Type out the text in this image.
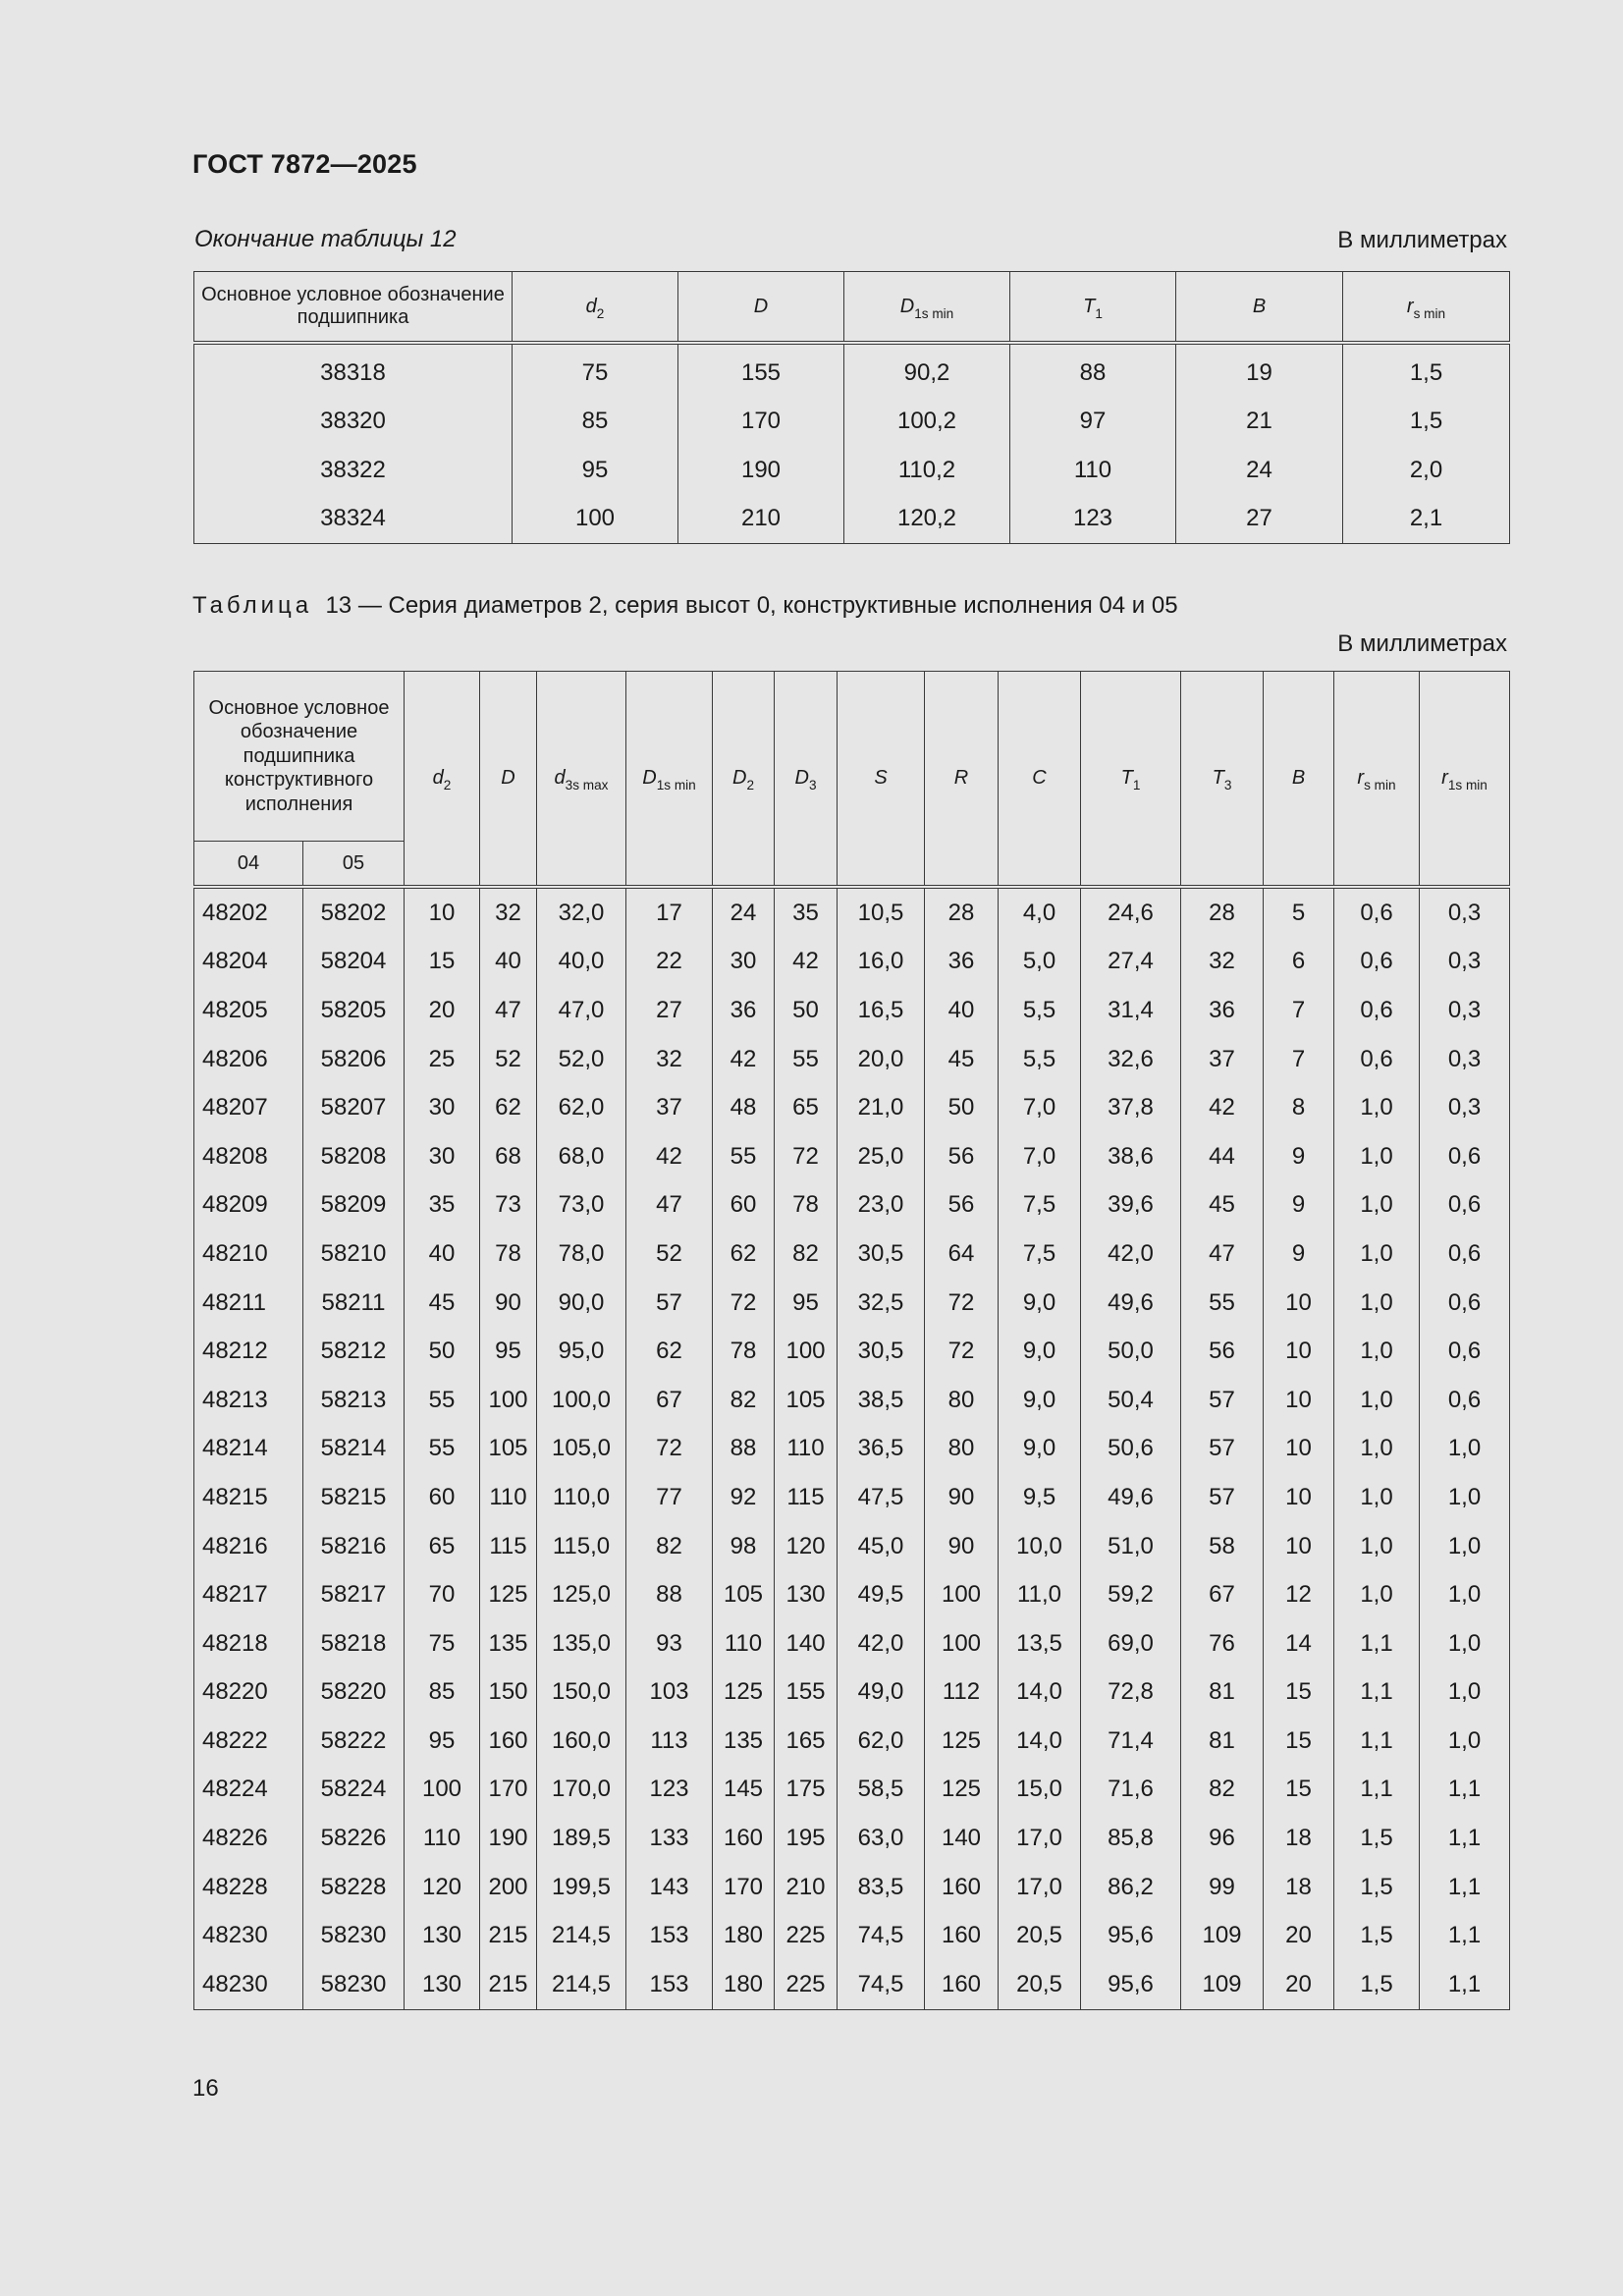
ГОСТ 7872—2025
Окончание таблицы 12	В миллиметрах
Основное условное обозначение подшипника	$d_2$	D	$D_{1s min}$	$T_1$	B	$r_{s min}$
38318	75	155	90,2	88	19	1,5
38320	85	170	100,2	97	21	1,5
38322	95	190	110,2	110	24	2,0
38324	100	210	120,2	123	27	2,1
Таблица 13 — Серия диаметров 2, серия высот 0, конструктивные исполнения 04 и 05
В миллиметрах
Основное условное обозначение подшипника конструктивного исполнения		$d_2$	D	$d_{3s max}$	$D_{1s min}$	$D_2$	$D_3$	S	R	C	$T_1$	$T_3$	B	$r_{s min}$	$r_{1s min}$
04	05														
48202	58202	10	32	32,0	17	24	35	10,5	28	4,0	24,6	28	5	0,6	0,3
48204	58204	15	40	40,0	22	30	42	16,0	36	5,0	27,4	32	6	0,6	0,3
48205	58205	20	47	47,0	27	36	50	16,5	40	5,5	31,4	36	7	0,6	0,3
48206	58206	25	52	52,0	32	42	55	20,0	45	5,5	32,6	37	7	0,6	0,3
48207	58207	30	62	62,0	37	48	65	21,0	50	7,0	37,8	42	8	1,0	0,3
48208	58208	30	68	68,0	42	55	72	25,0	56	7,0	38,6	44	9	1,0	0,6
48209	58209	35	73	73,0	47	60	78	23,0	56	7,5	39,6	45	9	1,0	0,6
48210	58210	40	78	78,0	52	62	82	30,5	64	7,5	42,0	47	9	1,0	0,6
48211	58211	45	90	90,0	57	72	95	32,5	72	9,0	49,6	55	10	1,0	0,6
48212	58212	50	95	95,0	62	78	100	30,5	72	9,0	50,0	56	10	1,0	0,6
48213	58213	55	100	100,0	67	82	105	38,5	80	9,0	50,4	57	10	1,0	0,6
48214	58214	55	105	105,0	72	88	110	36,5	80	9,0	50,6	57	10	1,0	1,0
48215	58215	60	110	110,0	77	92	115	47,5	90	9,5	49,6	57	10	1,0	1,0
48216	58216	65	115	115,0	82	98	120	45,0	90	10,0	51,0	58	10	1,0	1,0
48217	58217	70	125	125,0	88	105	130	49,5	100	11,0	59,2	67	12	1,0	1,0
48218	58218	75	135	135,0	93	110	140	42,0	100	13,5	69,0	76	14	1,1	1,0
48220	58220	85	150	150,0	103	125	155	49,0	112	14,0	72,8	81	15	1,1	1,0
48222	58222	95	160	160,0	113	135	165	62,0	125	14,0	71,4	81	15	1,1	1,0
48224	58224	100	170	170,0	123	145	175	58,5	125	15,0	71,6	82	15	1,1	1,1
48226	58226	110	190	189,5	133	160	195	63,0	140	17,0	85,8	96	18	1,5	1,1
48228	58228	120	200	199,5	143	170	210	83,5	160	17,0	86,2	99	18	1,5	1,1
48230	58230	130	215	214,5	153	180	225	74,5	160	20,5	95,6	109	20	1,5	1,1
48230	58230	130	215	214,5	153	180	225	74,5	160	20,5	95,6	109	20	1,5	1,1
16
